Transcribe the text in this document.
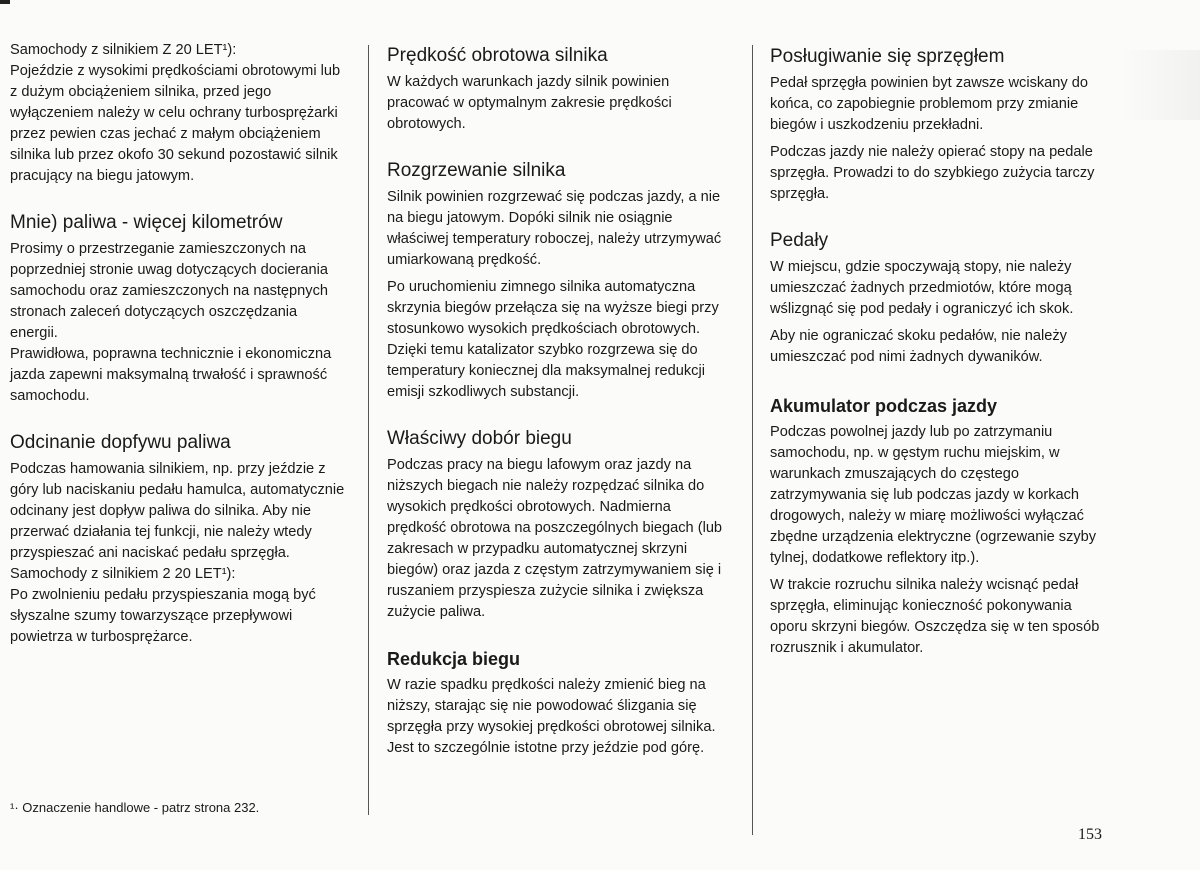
Samochody z silnikiem Z 20 LET¹):

Pojeździe z wysokimi prędkościami obrotowymi lub z dużym obciążeniem silnika, przed jego wyłączeniem należy w celu ochrany turbosprężarki przez pewien czas jechać z małym obciążeniem silnika lub przez okofo 30 sekund pozostawić silnik pracujący na biegu jatowym.

Mnie) paliwa - więcej kilometrów

Prosimy o przestrzeganie zamieszczonych na poprzedniej stronie uwag dotyczących docierania samochodu oraz zamieszczonych na następnych stronach zaleceń dotyczących oszczędzania energii.

Prawidłowa, poprawna technicznie i ekonomiczna jazda zapewni maksymalną trwałość i sprawność samochodu.

Odcinanie dopfywu paliwa

Podczas hamowania silnikiem, np. przy jeździe z góry lub naciskaniu pedału hamulca, automatycznie odcinany jest dopływ paliwa do silnika. Aby nie przerwać działania tej funkcji, nie należy wtedy przyspieszać ani naciskać pedału sprzęgła.

Samochody z silnikiem 2 20 LET¹):

Po zwolnieniu pedału przyspieszania mogą być słyszalne szumy towarzyszące przepływowi powietrza w turbosprężarce.

Prędkość obrotowa silnika

W każdych warunkach jazdy silnik powinien pracować w optymalnym zakresie prędkości obrotowych.

Rozgrzewanie silnika

Silnik powinien rozgrzewać się podczas jazdy, a nie na biegu jatowym. Dopóki silnik nie osiągnie właściwej temperatury roboczej, należy utrzymywać umiarkowaną prędkość.

Po uruchomieniu zimnego silnika automatyczna skrzynia biegów przełącza się na wyższe biegi przy stosunkowo wysokich prędkościach obrotowych. Dzięki temu katalizator szybko rozgrzewa się do temperatury koniecznej dla maksymalnej redukcji emisji szkodliwych substancji.

Właściwy dobór biegu

Podczas pracy na biegu lafowym oraz jazdy na niższych biegach nie należy rozpędzać silnika do wysokich prędkości obrotowych. Nadmierna prędkość obrotowa na poszczególnych biegach (lub zakresach w przypadku automatycznej skrzyni biegów) oraz jazda z częstym zatrzymywaniem się i ruszaniem przyspiesza zużycie silnika i zwiększa zużycie paliwa.

Redukcja biegu

W razie spadku prędkości należy zmienić bieg na niższy, starając się nie powodować ślizgania się sprzęgła przy wysokiej prędkości obrotowej silnika. Jest to szczególnie istotne przy jeździe pod górę.

Posługiwanie się sprzęgłem

Pedał sprzęgła powinien byt zawsze wciskany do końca, co zapobiegnie problemom przy zmianie biegów i uszkodzeniu przekładni.

Podczas jazdy nie należy opierać stopy na pedale sprzęgła. Prowadzi to do szybkiego zużycia tarczy sprzęgła.

Pedały

W miejscu, gdzie spoczywają stopy, nie należy umieszczać żadnych przedmiotów, które mogą wślizgnąć się pod pedały i ograniczyć ich skok.

Aby nie ograniczać skoku pedałów, nie należy umieszczać pod nimi żadnych dywaników.

Akumulator podczas jazdy

Podczas powolnej jazdy lub po zatrzymaniu samochodu, np. w gęstym ruchu miejskim, w warunkach zmuszających do częstego zatrzymywania się lub podczas jazdy w korkach drogowych, należy w miarę możliwości wyłączać zbędne urządzenia elektryczne (ogrzewanie szyby tylnej, dodatkowe reflektory itp.).

W trakcie rozruchu silnika należy wcisnąć pedał sprzęgła, eliminując konieczność pokonywania oporu skrzyni biegów. Oszczędza się w ten sposób rozrusznik i akumulator.

¹· Oznaczenie handlowe - patrz strona 232.
153
